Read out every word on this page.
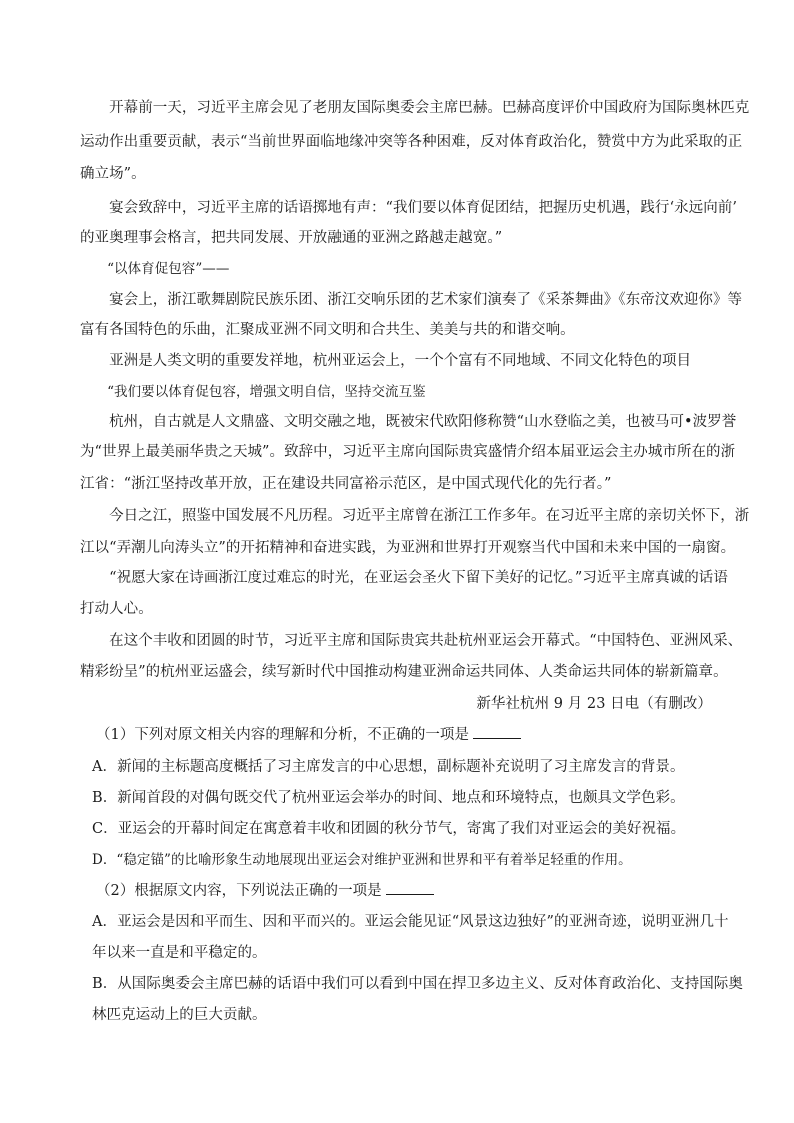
　　开幕前一天，习近平主席会见了老朋友国际奥委会主席巴赫。巴赫高度评价中国政府为国际奥林匹克
运动作出重要贡献，表示“当前世界面临地缘冲突等各种困难，反对体育政治化，赞赏中方为此采取的正
确立场”。
　　宴会致辞中，习近平主席的话语掷地有声：“我们要以体育促团结，把握历史机遇，践行‘永远向前’
的亚奥理事会格言，把共同发展、开放融通的亚洲之路越走越宽。”
　　“以体育促包容”——
　　宴会上，浙江歌舞剧院民族乐团、浙江交响乐团的艺术家们演奏了《采茶舞曲》《东帝汶欢迎你》等
富有各国特色的乐曲，汇聚成亚洲不同文明和合共生、美美与共的和谐交响。
　　亚洲是人类文明的重要发祥地，杭州亚运会上，一个个富有不同地域、不同文化特色的项目
　　“我们要以体育促包容，增强文明自信，坚持交流互鉴
　　杭州，自古就是人文鼎盛、文明交融之地，既被宋代欧阳修称赞“山水登临之美，也被马可•波罗誉
为“世界上最美丽华贵之天城”。致辞中，习近平主席向国际贵宾盛情介绍本届亚运会主办城市所在的浙
江省：“浙江坚持改革开放，正在建设共同富裕示范区，是中国式现代化的先行者。”
　　今日之江，照鉴中国发展不凡历程。习近平主席曾在浙江工作多年。在习近平主席的亲切关怀下，浙
江以“弄潮儿向涛头立”的开拓精神和奋进实践，为亚洲和世界打开观察当代中国和未来中国的一扇窗。
　　“祝愿大家在诗画浙江度过难忘的时光，在亚运会圣火下留下美好的记忆。”习近平主席真诚的话语
打动人心。
　　在这个丰收和团圆的时节，习近平主席和国际贵宾共赴杭州亚运会开幕式。“中国特色、亚洲风采、
精彩纷呈”的杭州亚运盛会，续写新时代中国推动构建亚洲命运共同体、人类命运共同体的崭新篇章。
新华社杭州 9 月 23 日电（有删改）
（1）下列对原文相关内容的理解和分析，不正确的一项是
A．新闻的主标题高度概括了习主席发言的中心思想，副标题补充说明了习主席发言的背景。
B．新闻首段的对偶句既交代了杭州亚运会举办的时间、地点和环境特点，也颇具文学色彩。
C．亚运会的开幕时间定在寓意着丰收和团圆的秋分节气，寄寓了我们对亚运会的美好祝福。
D．“稳定锚”的比喻形象生动地展现出亚运会对维护亚洲和世界和平有着举足轻重的作用。
（2）根据原文内容，下列说法正确的一项是
A．亚运会是因和平而生、因和平而兴的。亚运会能见证“风景这边独好”的亚洲奇迹，说明亚洲几十
年以来一直是和平稳定的。
B．从国际奥委会主席巴赫的话语中我们可以看到中国在捍卫多边主义、反对体育政治化、支持国际奥
林匹克运动上的巨大贡献。
